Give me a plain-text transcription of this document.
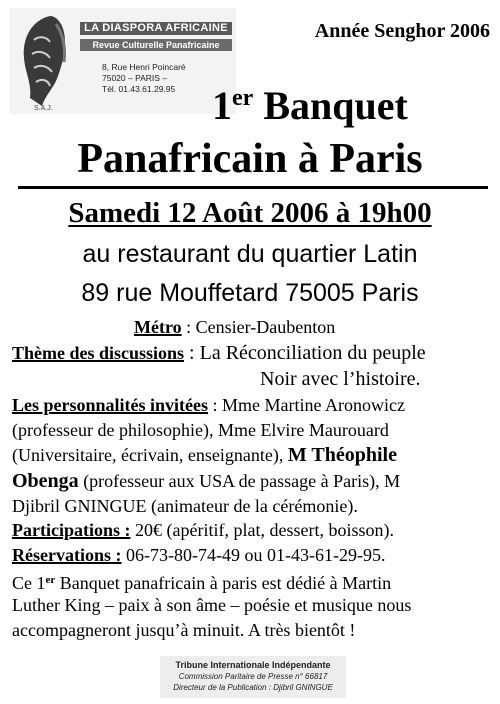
S.A.J.
LA DIASPORA AFRICAINE
Revue Culturelle Panafricaine
8, Rue Henri Poincaré
75020 – PARIS –
Tél. 01.43.61.29.95
Année Senghor 2006
1er Banquet
Panafricain à Paris
Samedi 12 Août 2006 à 19h00
au restaurant du quartier Latin
89 rue Mouffetard 75005 Paris
Métro : Censier-Daubenton
Thème des discussions : La Réconciliation du peuple
Noir avec l’histoire.
Les personnalités invitées : Mme Martine Aronowicz
(professeur de philosophie), Mme Elvire Maurouard
(Universitaire, écrivain, enseignante), M Théophile
Obenga (professeur aux USA de passage à Paris), M
Djibril GNINGUE (animateur de la cérémonie).
Participations : 20€ (apéritif, plat, dessert, boisson).
Réservations : 06-73-80-74-49 ou 01-43-61-29-95.
Ce 1er Banquet panafricain à paris est dédié à Martin
Luther King – paix à son âme – poésie et musique nous
accompagneront jusqu’à minuit. A très bientôt !
Tribune Internationale Indépendante
Commission Paritaire de Presse n° 66817
Directeur de la Publication : Djibril GNINGUE
